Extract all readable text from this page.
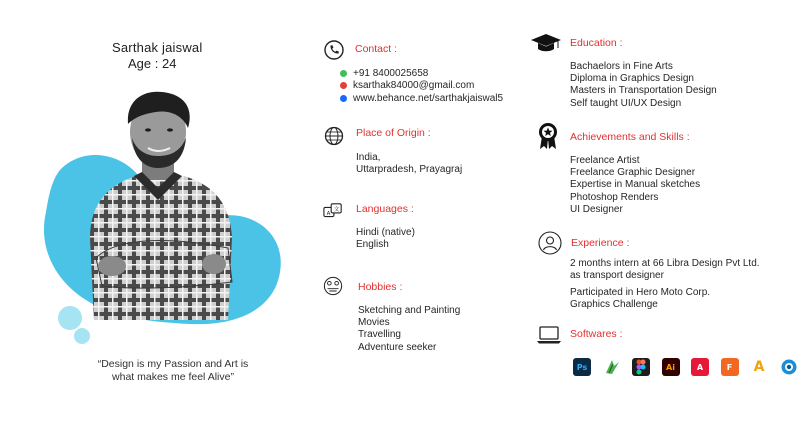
Sarthak jaiswal
Age : 24
“Design is my Passion and Art is
what makes me feel Alive”
Contact :
+91 8400025658
ksarthak84000@gmail.com
www.behance.net/sarthakjaiswal5
Place of Origin :
India,
Uttarpradesh, Prayagraj
A
文 Languages :
Hindi (native)
English
Hobbies :
Sketching and Painting
Movies
Travelling
Adventure seeker
Education :
Bachaelors in Fine Arts
Diploma in Graphics Design
Masters in Transportation Design
Self taught UI/UX Design
Achievements and Skills :
Freelance Artist
Freelance Graphic Designer
Expertise in Manual sketches
Photoshop Renders
UI Designer
Experience :
2 months intern at 66 Libra Design Pvt Ltd.
as transport designer
Participated in Hero Moto Corp.
Graphics Challenge
Softwares :
Ps	Ai	A	F A
